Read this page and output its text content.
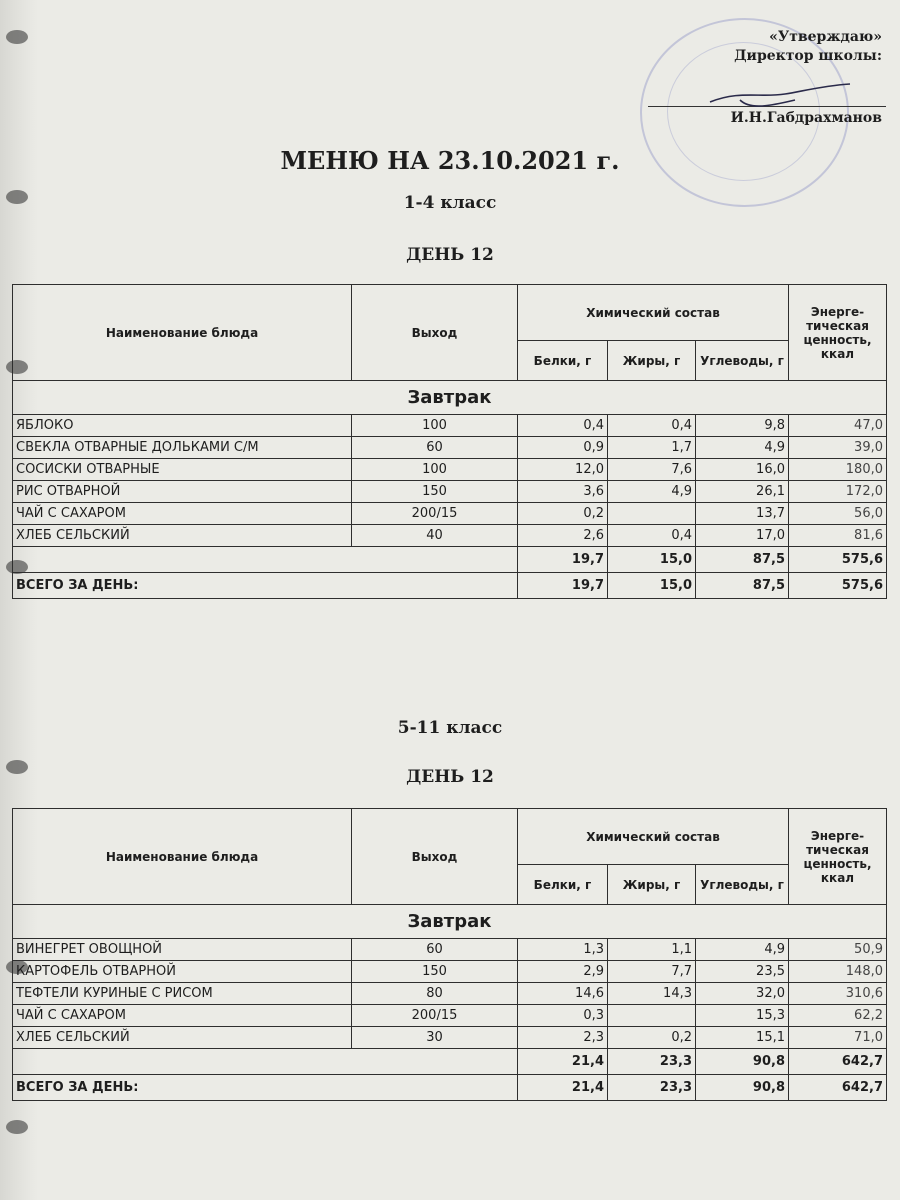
«Утверждаю»
Директор школы:
И.Н.Габдрахманов
МЕНЮ НА 23.10.2021 г.
1-4 класс
ДЕНЬ 12
Наименование блюда	Выход	Химический состав			Энерге-тическая ценность, ккал
		Белки, г	Жиры, г	Углеводы, г	
Завтрак					
ЯБЛОКО	100	0,4	0,4	9,8	47,0
СВЕКЛА ОТВАРНЫЕ ДОЛЬКАМИ С/М	60	0,9	1,7	4,9	39,0
СОСИСКИ ОТВАРНЫЕ	100	12,0	7,6	16,0	180,0
РИС ОТВАРНОЙ	150	3,6	4,9	26,1	172,0
ЧАЙ С САХАРОМ	200/15	0,2		13,7	56,0
ХЛЕБ СЕЛЬСКИЙ	40	2,6	0,4	17,0	81,6
		19,7	15,0	87,5	575,6
ВСЕГО ЗА ДЕНЬ:		19,7	15,0	87,5	575,6
5-11 класс
ДЕНЬ 12
Наименование блюда	Выход	Химический состав			Энерге-тическая ценность, ккал
		Белки, г	Жиры, г	Углеводы, г	
Завтрак					
ВИНЕГРЕТ ОВОЩНОЙ	60	1,3	1,1	4,9	50,9
КАРТОФЕЛЬ ОТВАРНОЙ	150	2,9	7,7	23,5	148,0
ТЕФТЕЛИ КУРИНЫЕ С РИСОМ	80	14,6	14,3	32,0	310,6
ЧАЙ С САХАРОМ	200/15	0,3		15,3	62,2
ХЛЕБ СЕЛЬСКИЙ	30	2,3	0,2	15,1	71,0
		21,4	23,3	90,8	642,7
ВСЕГО ЗА ДЕНЬ:		21,4	23,3	90,8	642,7
